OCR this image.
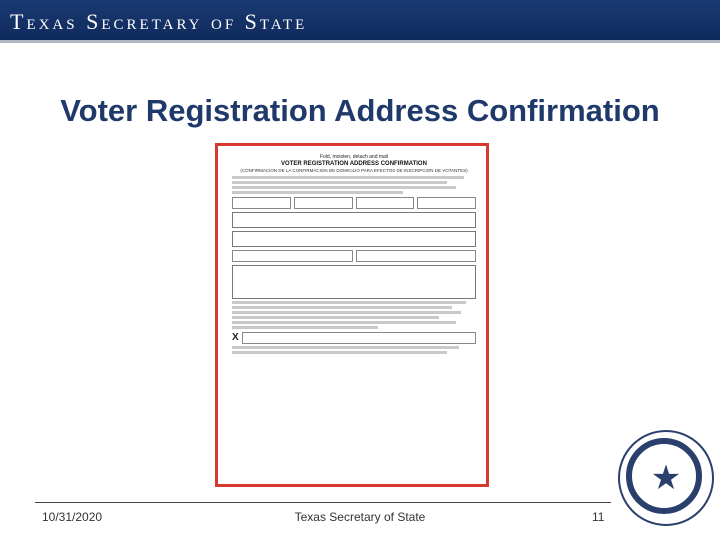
Texas Secretary of State
Voter Registration Address Confirmation
Fold, moisten, detach and mail
VOTER REGISTRATION ADDRESS CONFIRMATION
(CONFIRMACION DE LA CONFIRMACION DE DOMICILIO PARA EFECTOS DE INSCRIPCION DE VOTANTES)
X
10/31/2020	Texas Secretary of State	11
★
